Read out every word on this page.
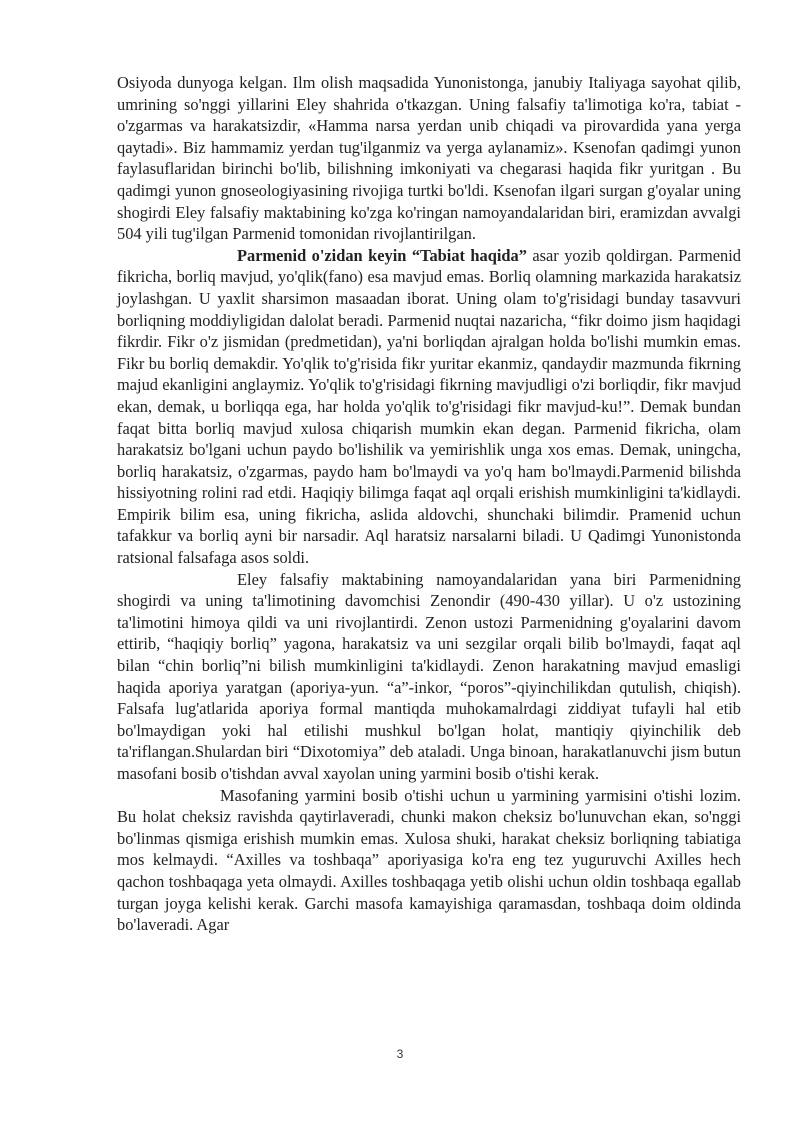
Osiyoda dunyoga kelgan. Ilm olish maqsadida Yunonistonga, janubiy Italiyaga sayohat qilib, umrining so'nggi yillarini Eley shahrida o'tkazgan. Uning falsafiy ta'limotiga ko'ra, tabiat - o'zgarmas va harakatsizdir, «Hamma narsa yerdan unib chiqadi va pirovardida yana yerga qaytadi». Biz hammamiz yerdan tug'ilganmiz va yerga aylanamiz». Ksenofan qadimgi yunon faylasuflaridan birinchi bo'lib, bilishning imkoniyati va chegarasi haqida fikr yuritgan . Bu qadimgi yunon gnoseologiyasining rivojiga turtki bo'ldi. Ksenofan ilgari surgan g'oyalar uning shogirdi Eley falsafiy maktabining ko'zga ko'ringan namoyandalaridan biri, eramizdan avvalgi 504 yili tug'ilgan Parmenid tomonidan rivojlantirilgan.

Parmenid o'zidan keyin “Tabiat haqida” asar yozib qoldirgan. Parmenid fikricha, borliq mavjud, yo'qlik(fano) esa mavjud emas. Borliq olamning markazida harakatsiz joylashgan. U yaxlit sharsimon masaadan iborat. Uning olam to'g'risidagi bunday tasavvuri borliqning moddiyligidan dalolat beradi. Parmenid nuqtai nazaricha, “fikr doimo jism haqidagi fikrdir. Fikr o'z jismidan (predmetidan), ya'ni borliqdan ajralgan holda bo'lishi mumkin emas. Fikr bu borliq demakdir. Yo'qlik to'g'risida fikr yuritar ekanmiz, qandaydir mazmunda fikrning majud ekanligini anglaymiz. Yo'qlik to'g'risidagi fikrning mavjudligi o'zi borliqdir, fikr mavjud ekan, demak, u borliqqa ega, har holda yo'qlik to'g'risidagi fikr mavjud-ku!”. Demak bundan faqat bitta borliq mavjud xulosa chiqarish mumkin ekan degan. Parmenid fikricha, olam harakatsiz bo'lgani uchun paydo bo'lishilik va yemirishlik unga xos emas. Demak, uningcha, borliq harakatsiz, o'zgarmas, paydo ham bo'lmaydi va yo'q ham bo'lmaydi.Parmenid bilishda hissiyotning rolini rad etdi. Haqiqiy bilimga faqat aql orqali erishish mumkinligini ta'kidlaydi. Empirik bilim esa, uning fikricha, aslida aldovchi, shunchaki bilimdir. Pramenid uchun tafakkur va borliq ayni bir narsadir. Aql haratsiz narsalarni biladi. U Qadimgi Yunonistonda ratsional falsafaga asos soldi.

Eley falsafiy maktabining namoyandalaridan yana biri Parmenidning shogirdi va uning ta'limotining davomchisi Zenondir (490-430 yillar). U o'z ustozining ta'limotini himoya qildi va uni rivojlantirdi. Zenon ustozi Parmenidning g'oyalarini davom ettirib, “haqiqiy borliq” yagona, harakatsiz va uni sezgilar orqali bilib bo'lmaydi, faqat aql bilan “chin borliq”ni bilish mumkinligini ta'kidlaydi. Zenon harakatning mavjud emasligi haqida aporiya yaratgan (aporiya-yun. “a”-inkor, “poros”-qiyinchilikdan qutulish, chiqish). Falsafa lug'atlarida aporiya formal mantiqda muhokamalrdagi ziddiyat tufayli hal etib bo'lmaydigan yoki hal etilishi mushkul bo'lgan holat, mantiqiy qiyinchilik deb ta'riflangan.Shulardan biri “Dixotomiya” deb ataladi. Unga binoan, harakatlanuvchi jism butun masofani bosib o'tishdan avval xayolan uning yarmini bosib o'tishi kerak.

Masofaning yarmini bosib o'tishi uchun u yarmining yarmisini o'tishi lozim. Bu holat cheksiz ravishda qaytirlaveradi, chunki makon cheksiz bo'lunuvchan ekan, so'nggi bo'linmas qismiga erishish mumkin emas. Xulosa shuki, harakat cheksiz borliqning tabiatiga mos kelmaydi. “Axilles va toshbaqa” aporiyasiga ko'ra eng tez yuguruvchi Axilles hech qachon toshbaqaga yeta olmaydi. Axilles toshbaqaga yetib olishi uchun oldin toshbaqa egallab turgan joyga kelishi kerak. Garchi masofa kamayishiga qaramasdan, toshbaqa doim oldinda bo'laveradi. Agar

3
